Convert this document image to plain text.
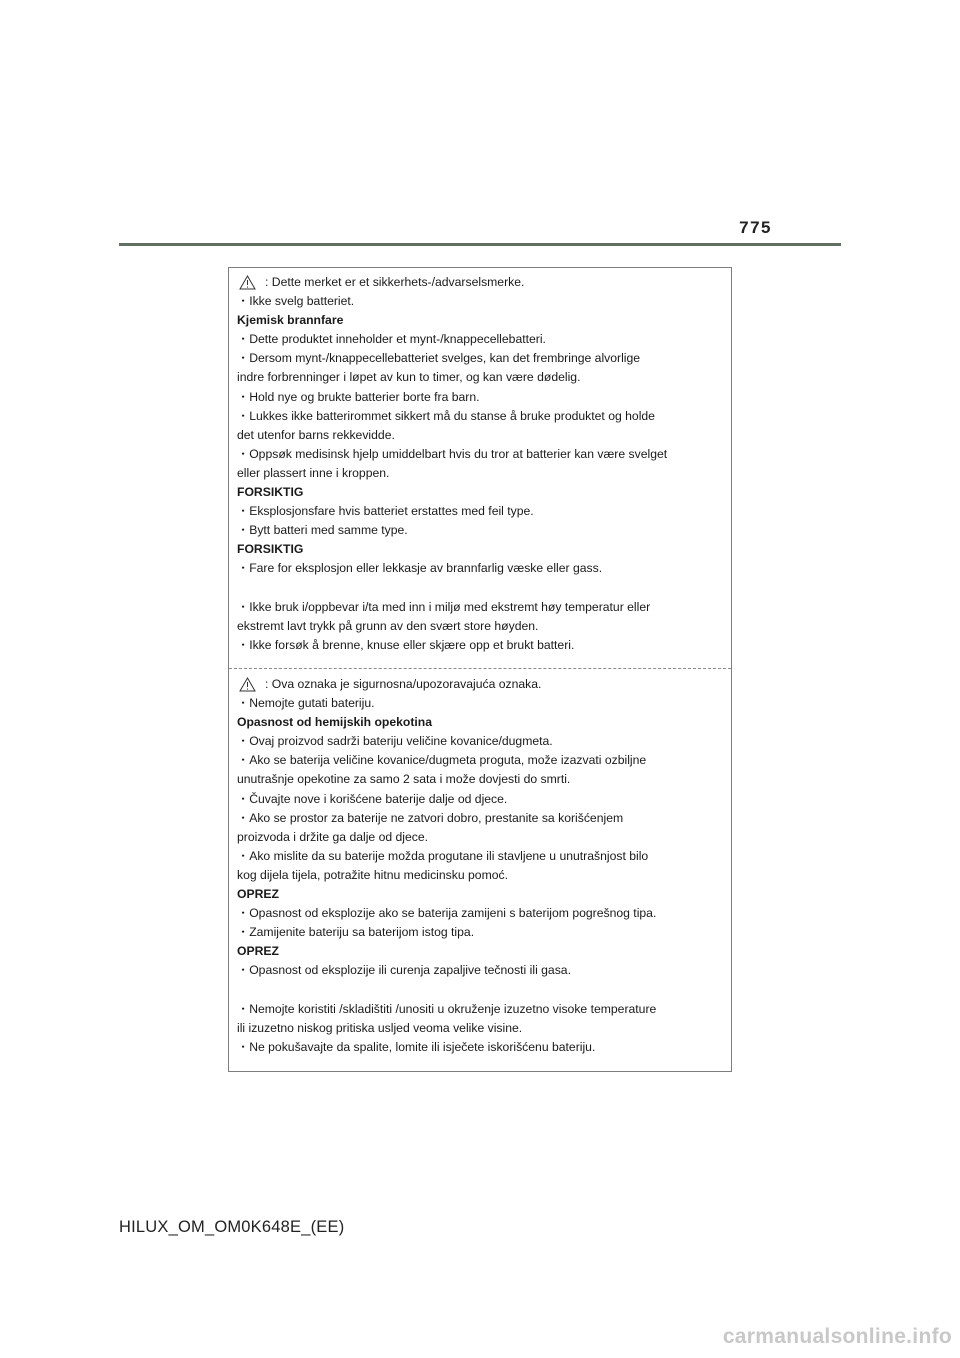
775
: Dette merket er et sikkerhets-/advarselsmerke.
・ Ikke svelg batteriet.
Kjemisk brannfare
・ Dette produktet inneholder et mynt-/knappecellebatteri.
・ Dersom mynt-/knappecellebatteriet svelges, kan det frembringe alvorlige
indre forbrenninger i løpet av kun to timer, og kan være dødelig.
・ Hold nye og brukte batterier borte fra barn.
・ Lukkes ikke batterirommet sikkert må du stanse å bruke produktet og holde
det utenfor barns rekkevidde.
・ Oppsøk medisinsk hjelp umiddelbart hvis du tror at batterier kan være svelget
eller plassert inne i kroppen.
FORSIKTIG
・ Eksplosjonsfare hvis batteriet erstattes med feil type.
・ Bytt batteri med samme type.
FORSIKTIG
・ Fare for eksplosjon eller lekkasje av brannfarlig væske eller gass.
・ Ikke bruk i/oppbevar i/ta med inn i miljø med ekstremt høy temperatur eller
ekstremt lavt trykk på grunn av den svært store høyden.
・ Ikke forsøk å brenne, knuse eller skjære opp et brukt batteri.
: Ova oznaka je sigurnosna/upozoravajuća oznaka.
・ Nemojte gutati bateriju.
Opasnost od hemijskih opekotina
・ Ovaj proizvod sadrži bateriju veličine kovanice/dugmeta.
・ Ako se baterija veličine kovanice/dugmeta proguta, može izazvati ozbiljne
unutrašnje opekotine za samo 2 sata i može dovjesti do smrti.
・ Čuvajte nove i korišćene baterije dalje od djece.
・ Ako se prostor za baterije ne zatvori dobro, prestanite sa korišćenjem
proizvoda i držite ga dalje od djece.
・ Ako mislite da su baterije možda progutane ili stavljene u unutrašnjost bilo
kog dijela tijela, potražite hitnu medicinsku pomoć.
OPREZ
・ Opasnost od eksplozije ako se baterija zamijeni s baterijom pogrešnog tipa.
・ Zamijenite bateriju sa baterijom istog tipa.
OPREZ
・ Opasnost od eksplozije ili curenja zapaljive tečnosti ili gasa.
・ Nemojte koristiti /skladištiti /unositi u okruženje izuzetno visoke temperature
ili izuzetno niskog pritiska usljed veoma velike visine.
・ Ne pokušavajte da spalite, lomite ili isječete iskorišćenu bateriju.
HILUX_OM_OM0K648E_(EE)
carmanualsonline.info
